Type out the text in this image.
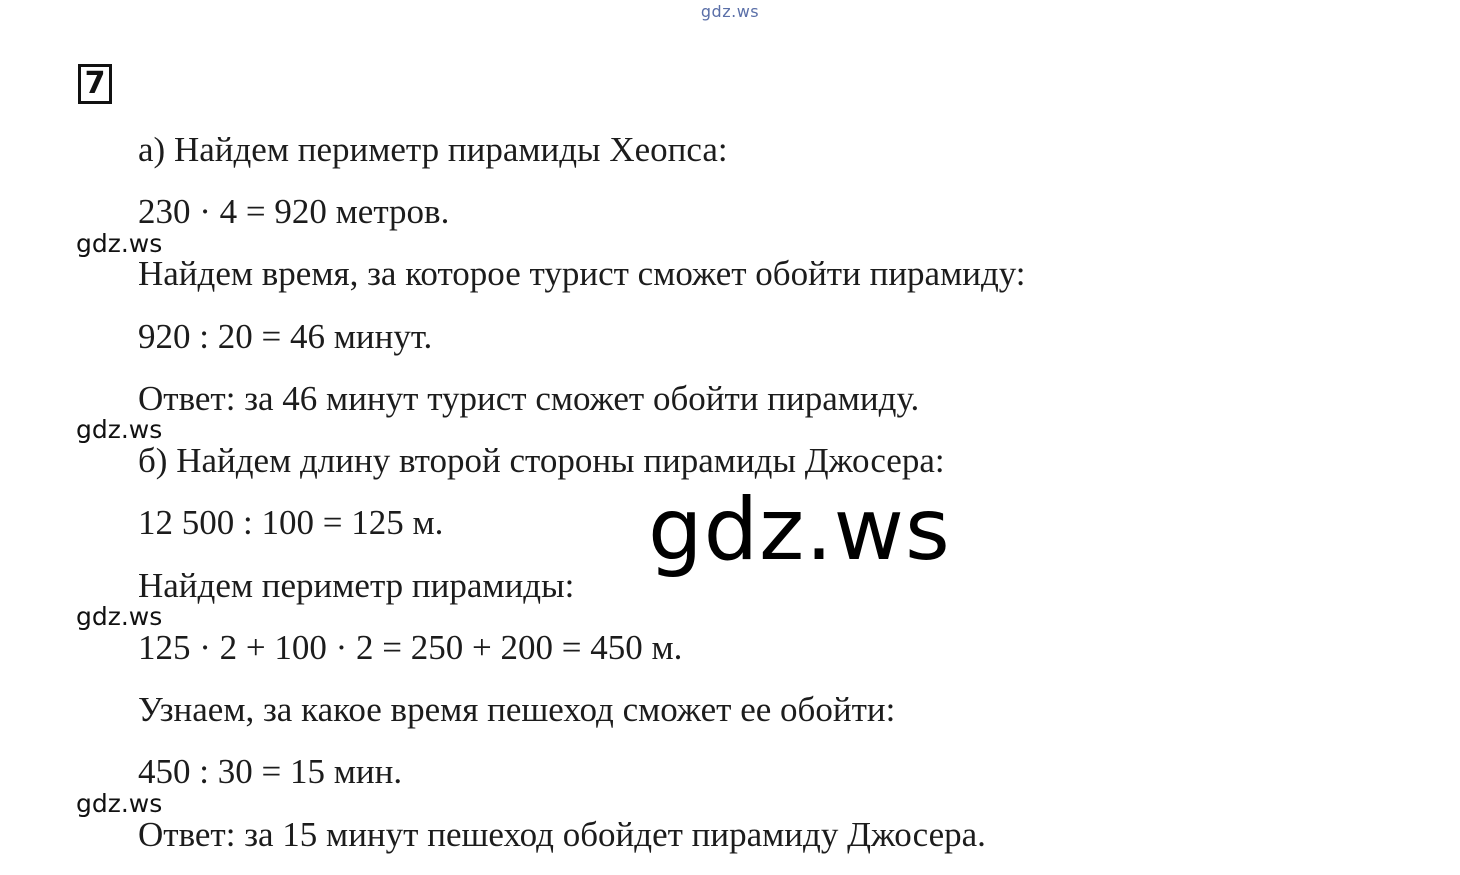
gdz.ws
7
а) Найдем периметр пирамиды Хеопса:
230 · 4 = 920 метров.
gdz.ws
Найдем время, за которое турист сможет обойти пирамиду:
920 : 20 = 46 минут.
Ответ: за 46 минут турист сможет обойти пирамиду.
gdz.ws
б) Найдем длину второй стороны пирамиды Джосера:
12 500 : 100 = 125 м.
Найдем периметр пирамиды:
gdz.ws
125 · 2 + 100 · 2 = 250 + 200 = 450 м.
Узнаем, за какое время пешеход сможет ее обойти:
450 : 30 = 15 мин.
gdz.ws
Ответ: за 15 минут пешеход обойдет пирамиду Джосера.
gdz.ws
